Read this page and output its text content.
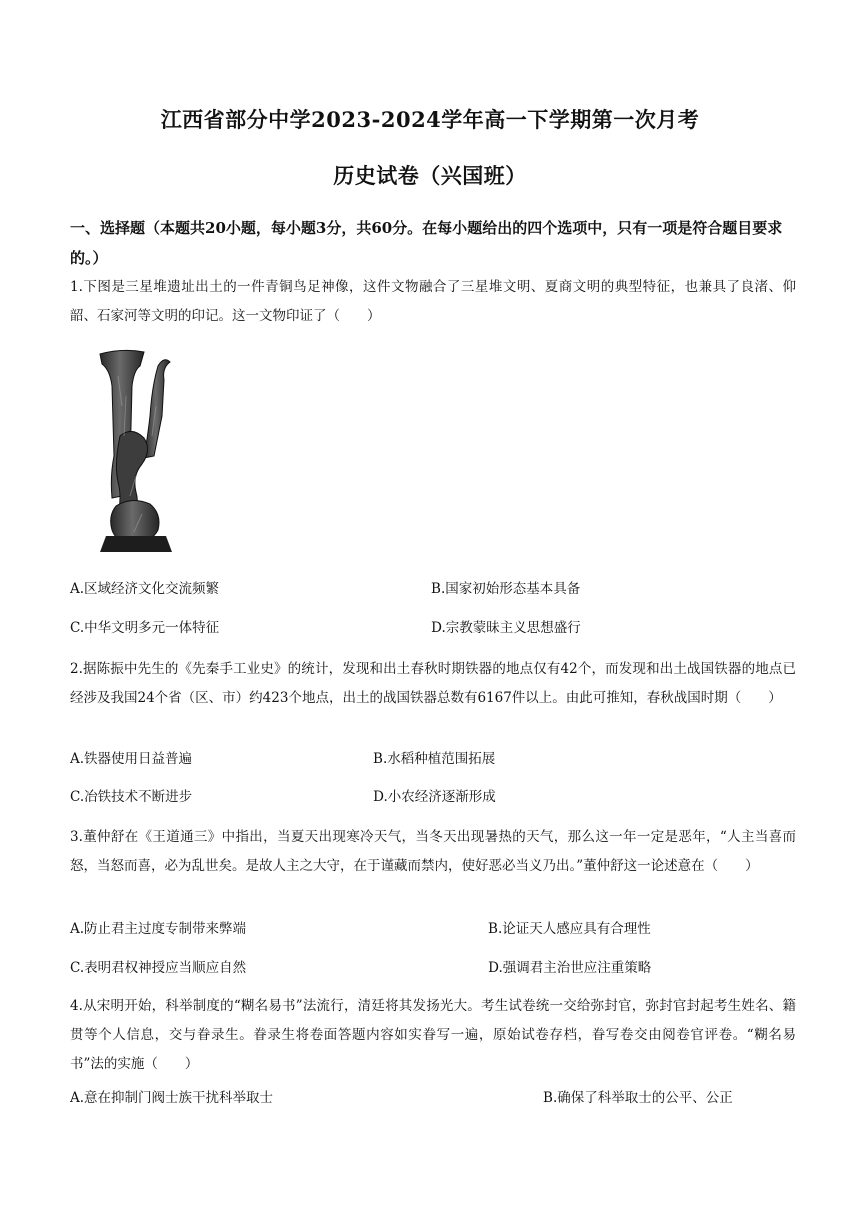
江西省部分中学2023-2024学年高一下学期第一次月考
历史试卷（兴国班）
一、选择题（本题共20小题，每小题3分，共60分。在每小题给出的四个选项中，只有一项是符合题目要求的。）
1.下图是三星堆遗址出土的一件青铜鸟足神像，这件文物融合了三星堆文明、夏商文明的典型特征，也兼具了良渚、仰韶、石家河等文明的印记。这一文物印证了（　　）
A.区域经济文化交流频繁	B.国家初始形态基本具备
C.中华文明多元一体特征	D.宗教蒙昧主义思想盛行
2.据陈振中先生的《先秦手工业史》的统计，发现和出土春秋时期铁器的地点仅有42个，而发现和出土战国铁器的地点已经涉及我国24个省（区、市）约423个地点，出土的战国铁器总数有6167件以上。由此可推知，春秋战国时期（　　）
A.铁器使用日益普遍	B.水稻种植范围拓展
C.冶铁技术不断进步	D.小农经济逐渐形成
3.董仲舒在《王道通三》中指出，当夏天出现寒冷天气，当冬天出现暑热的天气，那么这一年一定是恶年，“人主当喜而怒，当怒而喜，必为乱世矣。是故人主之大守，在于谨藏而禁内，使好恶必当义乃出。”董仲舒这一论述意在（　　）
A.防止君主过度专制带来弊端	B.论证天人感应具有合理性
C.表明君权神授应当顺应自然	D.强调君主治世应注重策略
4.从宋明开始，科举制度的“糊名易书”法流行，清廷将其发扬光大。考生试卷统一交给弥封官，弥封官封起考生姓名、籍贯等个人信息，交与眷录生。眷录生将卷面答题内容如实眷写一遍，原始试卷存档，眷写卷交由阅卷官评卷。“糊名易书”法的实施（　　）
A.意在抑制门阀士族干扰科举取士	B.确保了科举取士的公平、公正
